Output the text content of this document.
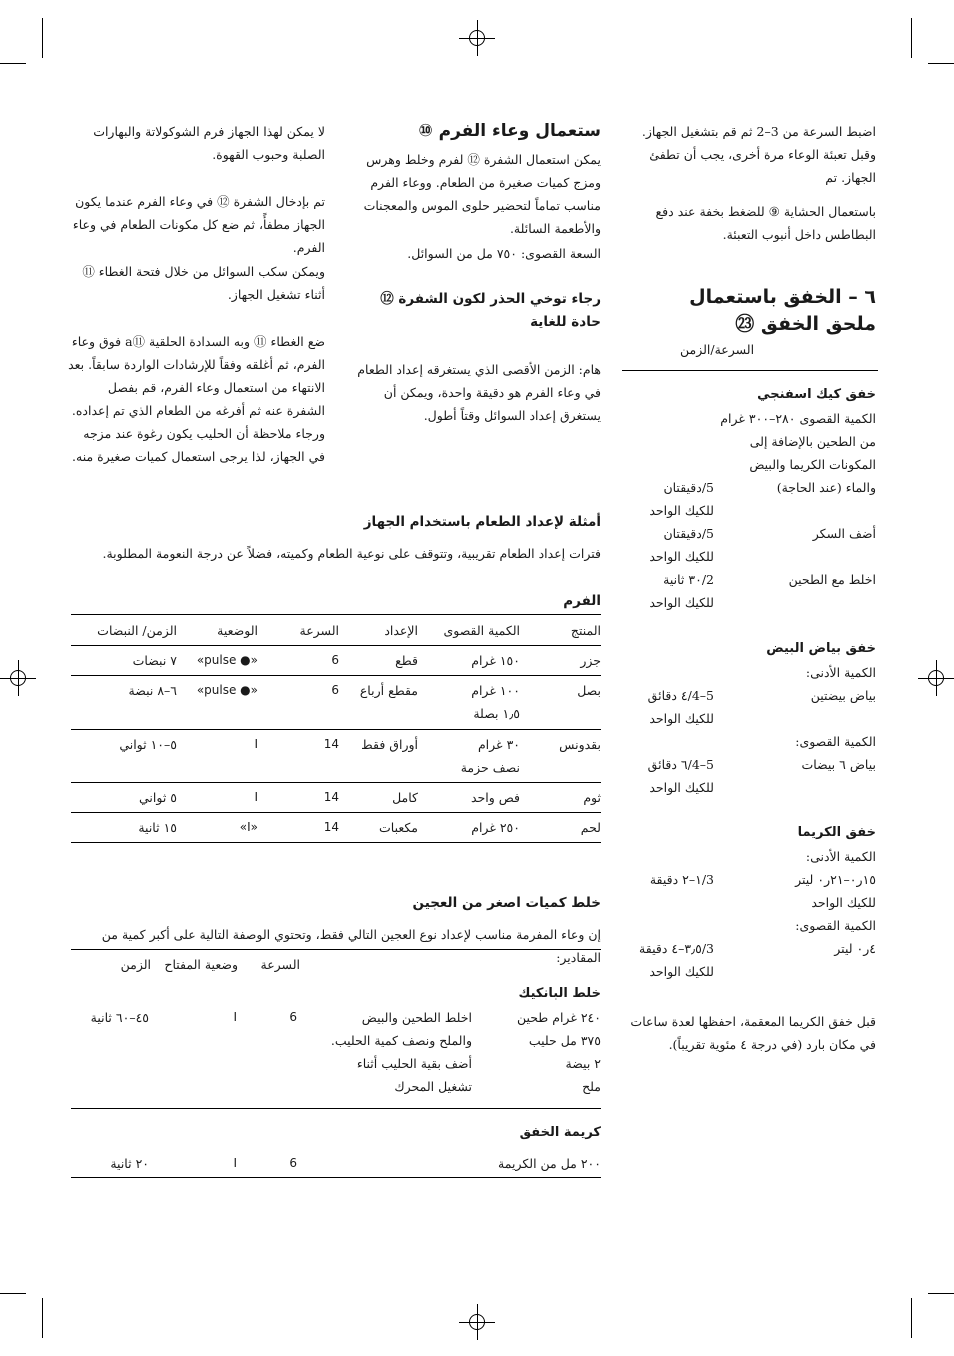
اضبط السرعة من 3–2 ثم قم بتشغيل الجهاز. وقبل تعبئة الوعاء مرة أخرى، يجب أن تطفئ الجهاز. تم
باستعمال الحشاية ⑨ للضغط بخفة عند دفع البطاطس داخل أنبوب التعبئة.
٦ – الخفق باستعمال
ملحق الخفق ㉓
السرعة/الزمن
خفق كيك اسفنجي
الكمية القصوى ٢٨٠–٣٠٠ غرام
من الطحين بالإضافة إلى
المكونات الكريما والبيض
والماء (عند الحاجة)
5/دقيقتان
للكيك الواحد
أضف السكر
5/دقيقتان
للكيك الواحد
اخلط مع الطحين
2/٣٠ ثانية
للكيك الواحد
خفق بياض البيض
الكمية الأدنى:
بياض بيضتين
5–4/٤ دقائق
للكيك الواحد
الكمية القصوى:
بياض ٦ بيضات
5–4/٦ دقائق
للكيك الواحد
خفق الكريما
الكمية الأدنى:
١٥ر٠–٢١ر٠ ليتر
3/١–٢ دقيقة
للكيك الواحد
الكمية القصوى:
٤ر٠ ليتر
3/٣٫٥–٤ دقيقة
للكيك الواحد
قبل خفق الكريما المعقمة، احفظها لعدة ساعات في مكان بارد (في درجة ٤ مئوية تقريباً).
ستعمال وعاء الفرم ⑩
يمكن استعمال الشفرة ⑫ لفرم وخلط وهرس ومزج كميات صغيرة من الطعام. ووعاء الفرم مناسب تماماً لتحضير حلوى الموس والمعجنات والأطعمة السائلة.
السعة القصوى: ٧٥٠ مل من السوائل.
رجاء توخي الحذر لكون الشفرة ⑫
حادة للغاية
هام: الزمن الأقصى الذي يستغرقه إعداد الطعام في وعاء الفرم هو دقيقة واحدة، ويمكن أن يستغرق إعداد السوائل وقتاً أطول.
لا يمكن لهذا الجهاز فرم الشوكولاتة والبهارات الصلبة وحبوب القهوة.
تم بإدخال الشفرة ⑫ في وعاء الفرم عندما يكون الجهاز مطفأً، ثم ضع كل مكونات الطعام في وعاء الفرم.
ويمكن سكب السوائل من خلال فتحة الغطاء ⑪ أثناء تشغيل الجهاز.
ضع الغطاء ⑪ وبه السدادة الحلقية ⑪a فوق وعاء الفرم، ثم أغلقه وفقاً للإرشادات الواردة سابقاً. بعد الانتهاء من استعمال وعاء الفرم، قم بفصل الشفرة عنه ثم أفرغه من الطعام الذي تم إعداده. ورجاء ملاحظة أن الحليب يكون رغوة عند مزجه في الجهاز، لذا يرجى استعمال كميات صغيرة منه.
أمثلة لإعداد الطعام باستخدام الجهاز
فترات إعداد الطعام تقريبية، وتتوقف على نوعية الطعام وكميته، فضلاً عن درجة النعومة المطلوبة.
الفرم
المنتج
الكمية القصوى
الإعداد
السرعة
الوضعية
الزمن/ النبضات
جزر
١٥٠ غرام
قطع
6
«● pulse»
٧ نبضات
بصل
١٠٠ غرام
١٫٥ بصلة
مقطع أرباع
6
«● pulse»
٦–٨ نبضة
بقدونس
٣٠ غرام
نصف حزمة
أوراق فقط
14
I
٥–١٠ ثواني
ثوم
فص واحد
كامل
14
I
٥ ثواني
لحم
٢٥٠ غرام
مكعبات
14
«I»
١٥ ثانية
خلط كميات اصغر من العجين
إن وعاء المفرمة مناسب لإعداد نوع العجين التالي فقط، وتحتوي الوصفة التالية على أكبر كمية من المقادير:
السرعة
وضعية المفتاح
الزمن
خلط البانكيك
٢٤٠ غرام طحين
٣٧٥ مل حليب
٢ بيضة
ملح
اخلط الطحين والبيض
والملح ونصف كمية الحليب.
أضف بقية الحليب أثناء
تشغيل المحرك
6
I
٤٥–٦٠ ثانية
كريمة الخفق
٢٠٠ مل من الكريمة
6
I
٢٠ ثانية
